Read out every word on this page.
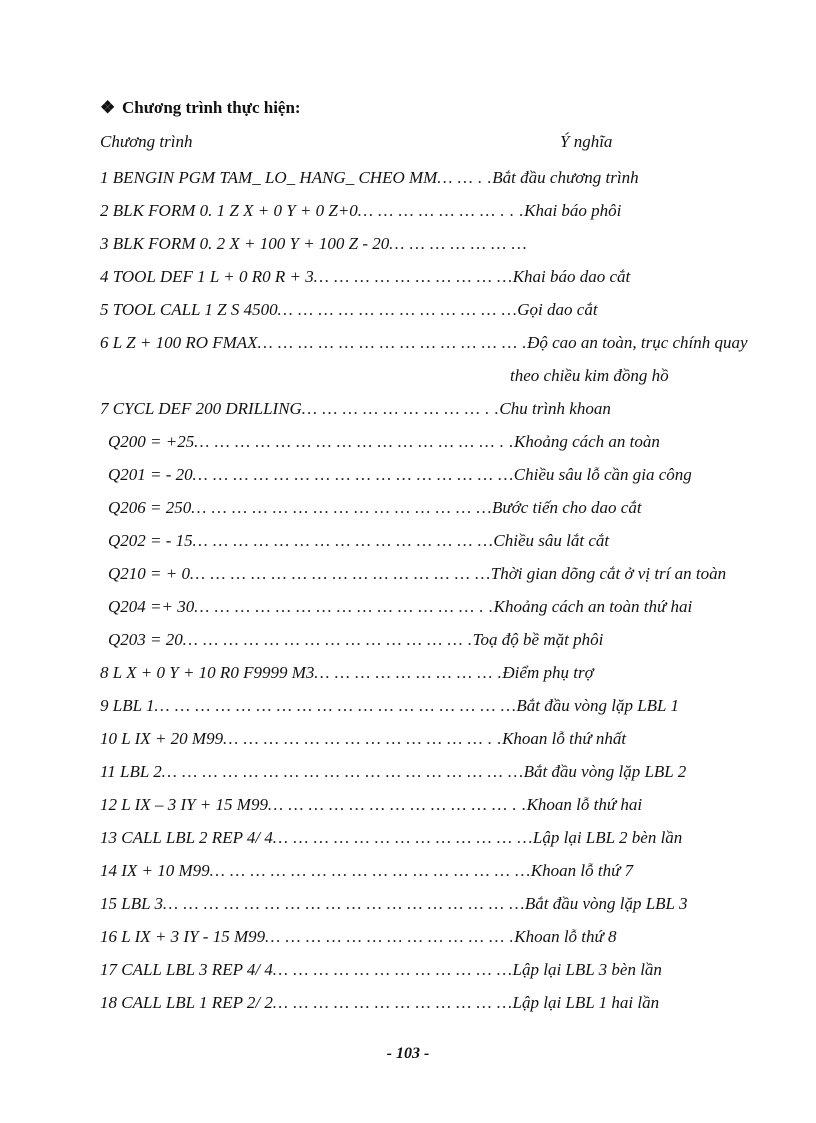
❖ Chương trình thực hiện:
Chương trình	Ý nghĩa
1 BENGIN PGM TAM_ LO_ HANG_ CHEO MM… … . .Bắt đầu chương trình
2 BLK FORM 0. 1 Z X + 0 Y + 0 Z+0… … … … … … … . . .Khai báo phôi
3 BLK FORM 0. 2 X + 100 Y + 100 Z - 20… … … … … … …
4 TOOL DEF 1 L + 0 R0 R + 3… … … … … … … … … …Khai báo dao cắt
5 TOOL CALL 1 Z S 4500… … … … … … … … … … … …Gọi dao cắt
6 L Z + 100 RO FMAX… … … … … … … … … … … … … .Độ cao an toàn, trục chính quay
7 CYCL DEF 200 DRILLING… … … … … … … … … . .Chu trình khoan
Q200 = +25… … … … … … … … … … … … … … … . .Khoảng cách an toàn
Q201 = - 20… … … … … … … … … … … … … … … …Chiều sâu lỗ cần gia công
Q206 = 250… … … … … … … … … … … … … … …Bước tiến cho dao cắt
Q202 = - 15… … … … … … … … … … … … … … …Chiều sâu lắt cắt
Q210 = + 0… … … … … … … … … … … … … … …Thời gian dõng cắt ở vị trí an toàn
Q204 =+ 30… … … … … … … … … … … … … … . .Khoảng cách an toàn thứ hai
Q203 = 20… … … … … … … … … … … … … … .Toạ độ bề mặt phôi
8 L X + 0 Y + 10 R0 F9999 M3… … … … … … … … … .Điểm phụ trợ
9 LBL 1… … … … … … … … … … … … … … … … … …Bắt đầu vòng lặp LBL 1
10 L IX + 20 M99… … … … … … … … … … … … … . .Khoan lỗ thứ nhất
11 LBL 2… … … … … … … … … … … … … … … … … …Bắt đầu vòng lặp LBL 2
12 L IX – 3 IY + 15 M99… … … … … … … … … … … … . .Khoan lỗ thứ hai
13 CALL LBL 2 REP 4/ 4… … … … … … … … … … … … …Lập lại LBL 2 bèn lần
14 IX + 10 M99… … … … … … … … … … … … … … … …Khoan lỗ thứ 7
15 LBL 3… … … … … … … … … … … … … … … … … …Bắt đầu vòng lặp LBL 3
16 L IX + 3 IY - 15 M99… … … … … … … … … … … … .Khoan lỗ thứ 8
17 CALL LBL 3 REP 4/ 4… … … … … … … … … … … …Lập lại LBL 3 bèn lần
18 CALL LBL 1 REP 2/ 2… … … … … … … … … … … …Lập lại LBL 1 hai lần
theo chiều kim đồng hồ
- 103 -
